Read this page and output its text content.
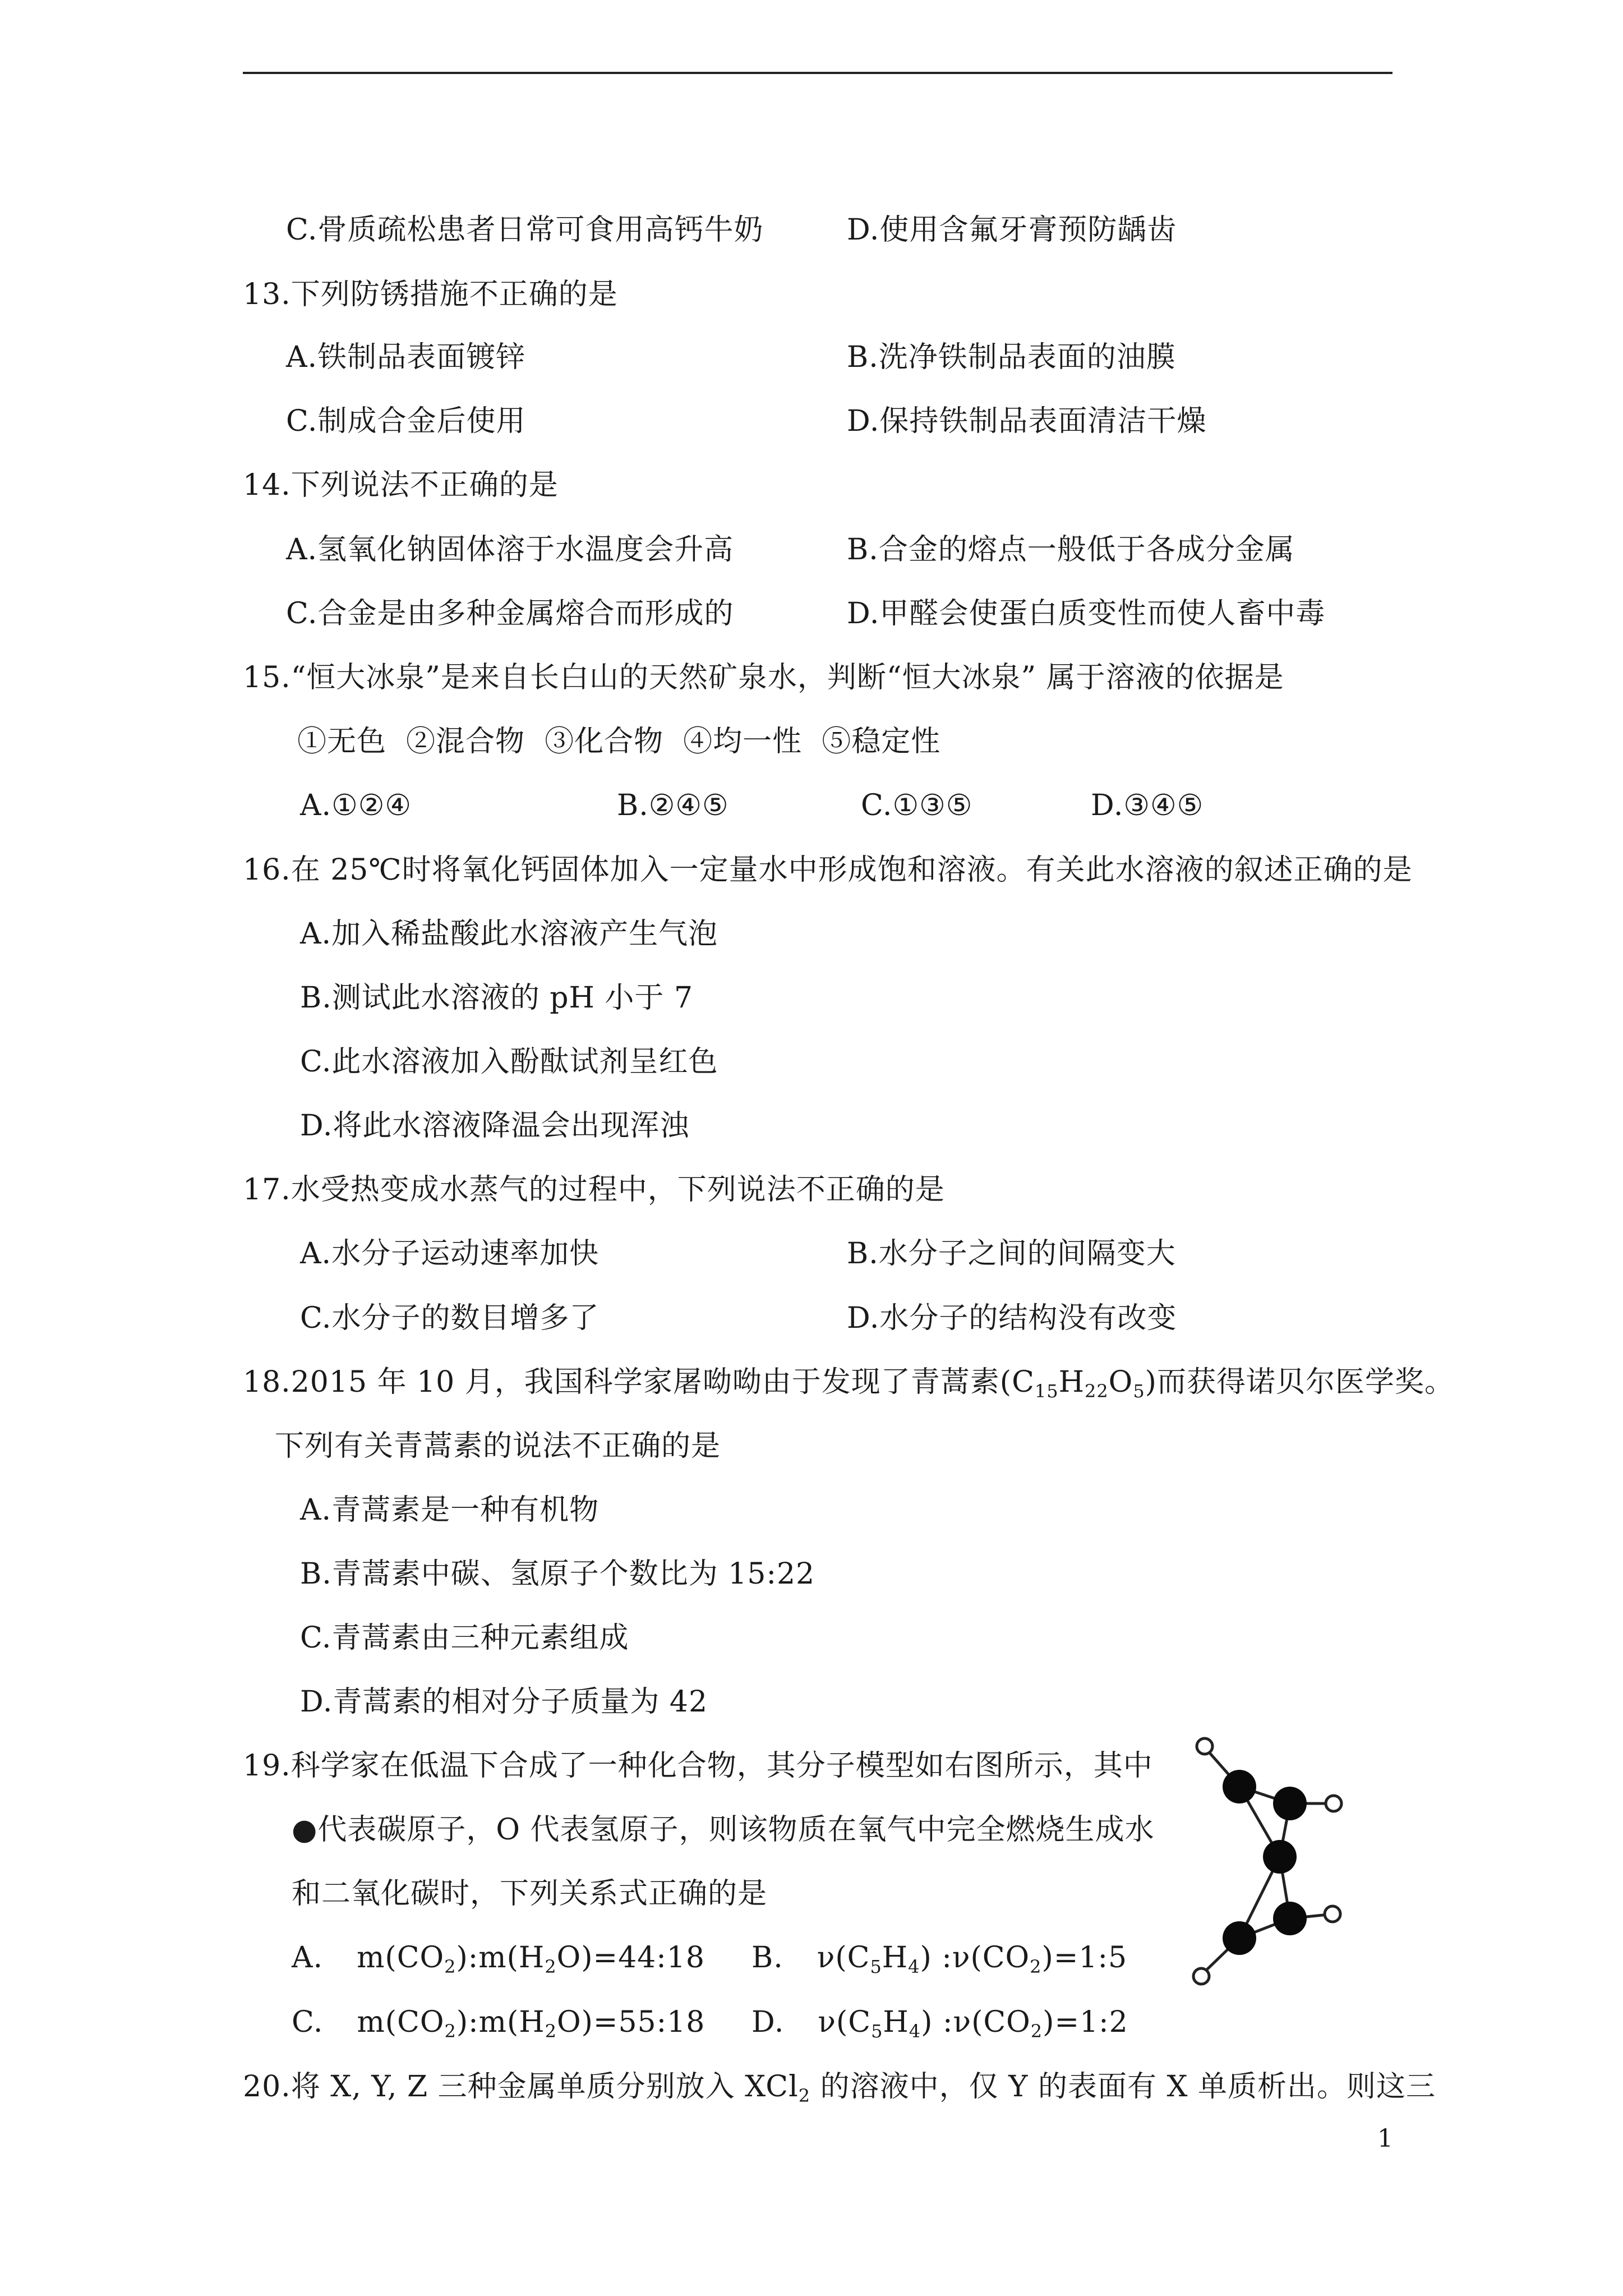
C.骨质疏松患者日常可食用高钙牛奶	D.使用含氟牙膏预防龋齿
13.下列防锈措施不正确的是
A.铁制品表面镀锌	B.洗净铁制品表面的油膜
C.制成合金后使用	D.保持铁制品表面清洁干燥
14.下列说法不正确的是
A.氢氧化钠固体溶于水温度会升高	B.合金的熔点一般低于各成分金属
C.合金是由多种金属熔合而形成的	D.甲醛会使蛋白质变性而使人畜中毒
15.“恒大冰泉”是来自长白山的天然矿泉水，判断“恒大冰泉” 属于溶液的依据是
①无色  ②混合物  ③化合物  ④均一性  ⑤稳定性
A.①②④	B.②④⑤	C.①③⑤	D.③④⑤
16.在 25℃时将氧化钙固体加入一定量水中形成饱和溶液。有关此水溶液的叙述正确的是
A.加入稀盐酸此水溶液产生气泡
B.测试此水溶液的 pH 小于 7
C.此水溶液加入酚酞试剂呈红色
D.将此水溶液降温会出现浑浊
17.水受热变成水蒸气的过程中，下列说法不正确的是
A.水分子运动速率加快	B.水分子之间的间隔变大
C.水分子的数目增多了	D.水分子的结构没有改变
18.2015 年 10 月，我国科学家屠呦呦由于发现了青蒿素$(C_{15}H_{22}O_5)$而获得诺贝尔医学奖。
下列有关青蒿素的说法不正确的是
A.青蒿素是一种有机物
B.青蒿素中碳、氢原子个数比为 15:22
C.青蒿素由三种元素组成
D.青蒿素的相对分子质量为 42
19.科学家在低温下合成了一种化合物，其分子模型如右图所示，其中
●代表碳原子，O 代表氢原子，则该物质在氧气中完全燃烧生成水
和二氧化碳时，下列关系式正确的是
A. $m(CO_2):m(H_2O)=44:18$ B. $\nu(C_5H_4)$ $:\nu(CO_2)=1:5$
C. $m(CO_2):m(H_2O)=55:18$ D. $\nu(C_5H_4)$ $:\nu(CO_2)=1:2$
20.将 X, Y, Z 三种金属单质分别放入 XCl$_2$ 的溶液中，仅 Y 的表面有 X 单质析出。则这三
1
